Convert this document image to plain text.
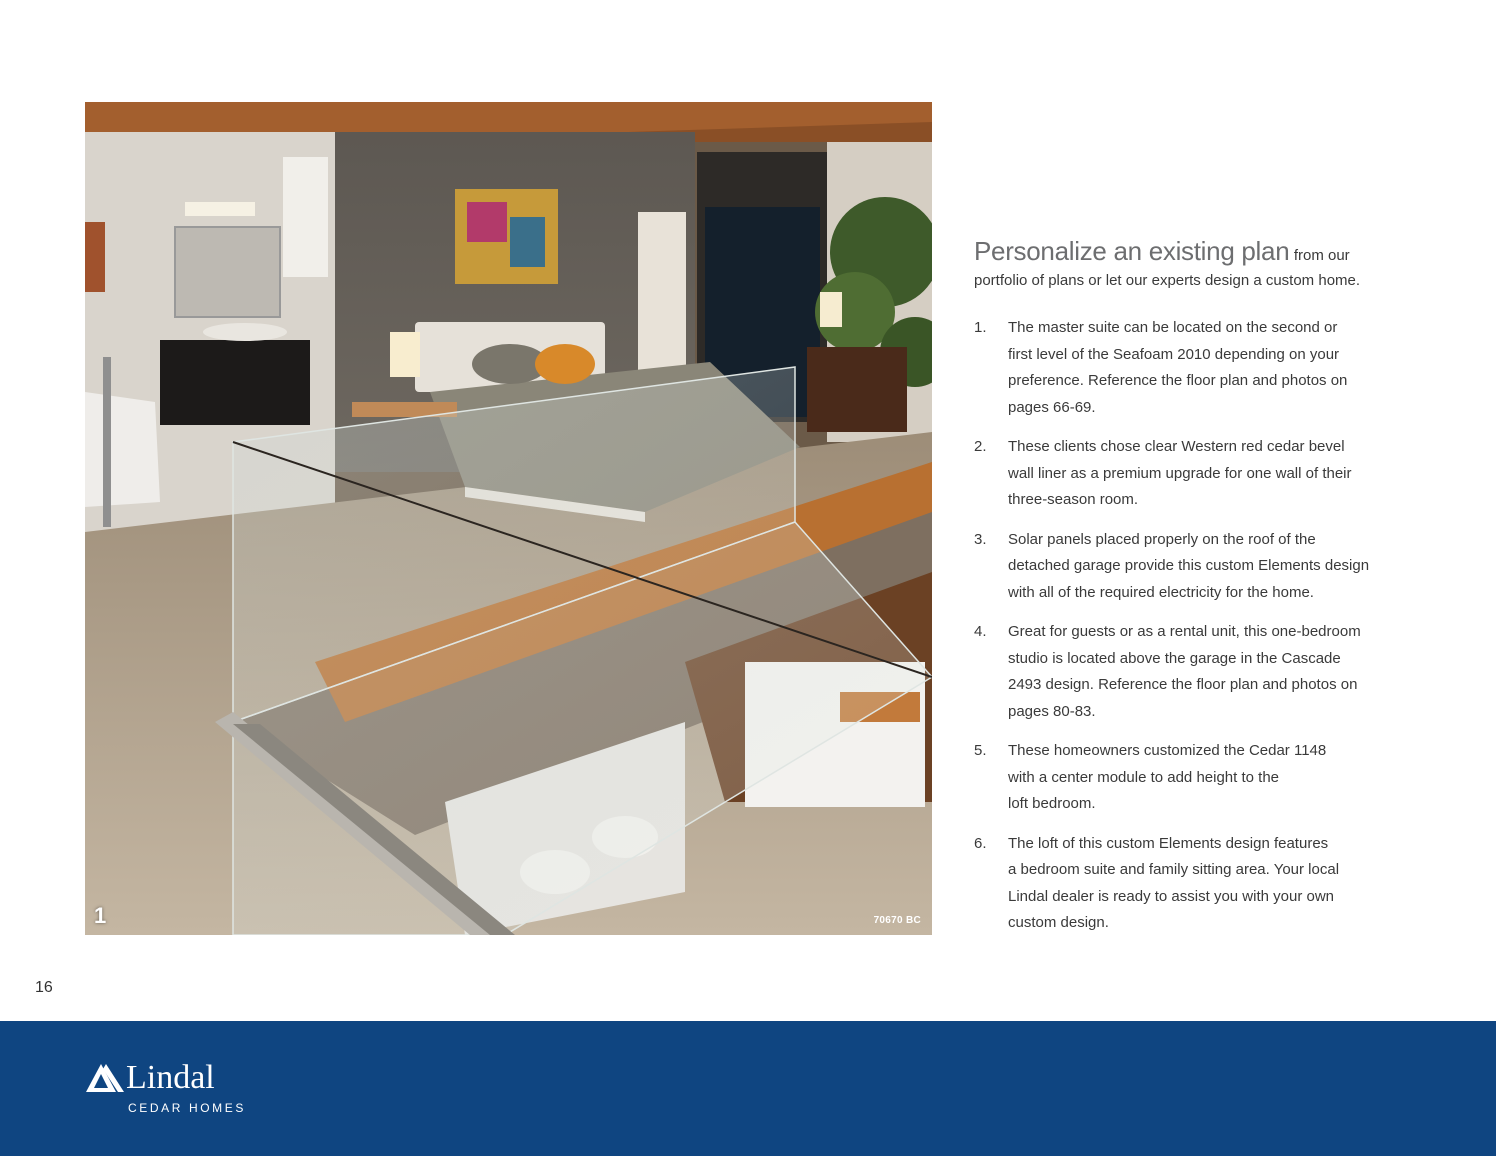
1	70670 BC

Personalize an existing plan from our

portfolio of plans or let our experts design a custom home.
1. The master suite can be located on the second or
first level of the Seafoam 2010 depending on your
preference. Reference the floor plan and photos on
pages 66-69.
2. These clients chose clear Western red cedar bevel
wall liner as a premium upgrade for one wall of their
three-season room.
3. Solar panels placed properly on the roof of the
detached garage provide this custom Elements design
with all of the required electricity for the home.
4. Great for guests or as a rental unit, this one-bedroom
studio is located above the garage in the Cascade
2493 design. Reference the floor plan and photos on
pages 80-83.
5. These homeowners customized the Cedar 1148
with a center module to add height to the
loft bedroom.
6. The loft of this custom Elements design features
a bedroom suite and family sitting area. Your local
Lindal dealer is ready to assist you with your own
custom design.
16
Lindal
CEDAR HOMES
